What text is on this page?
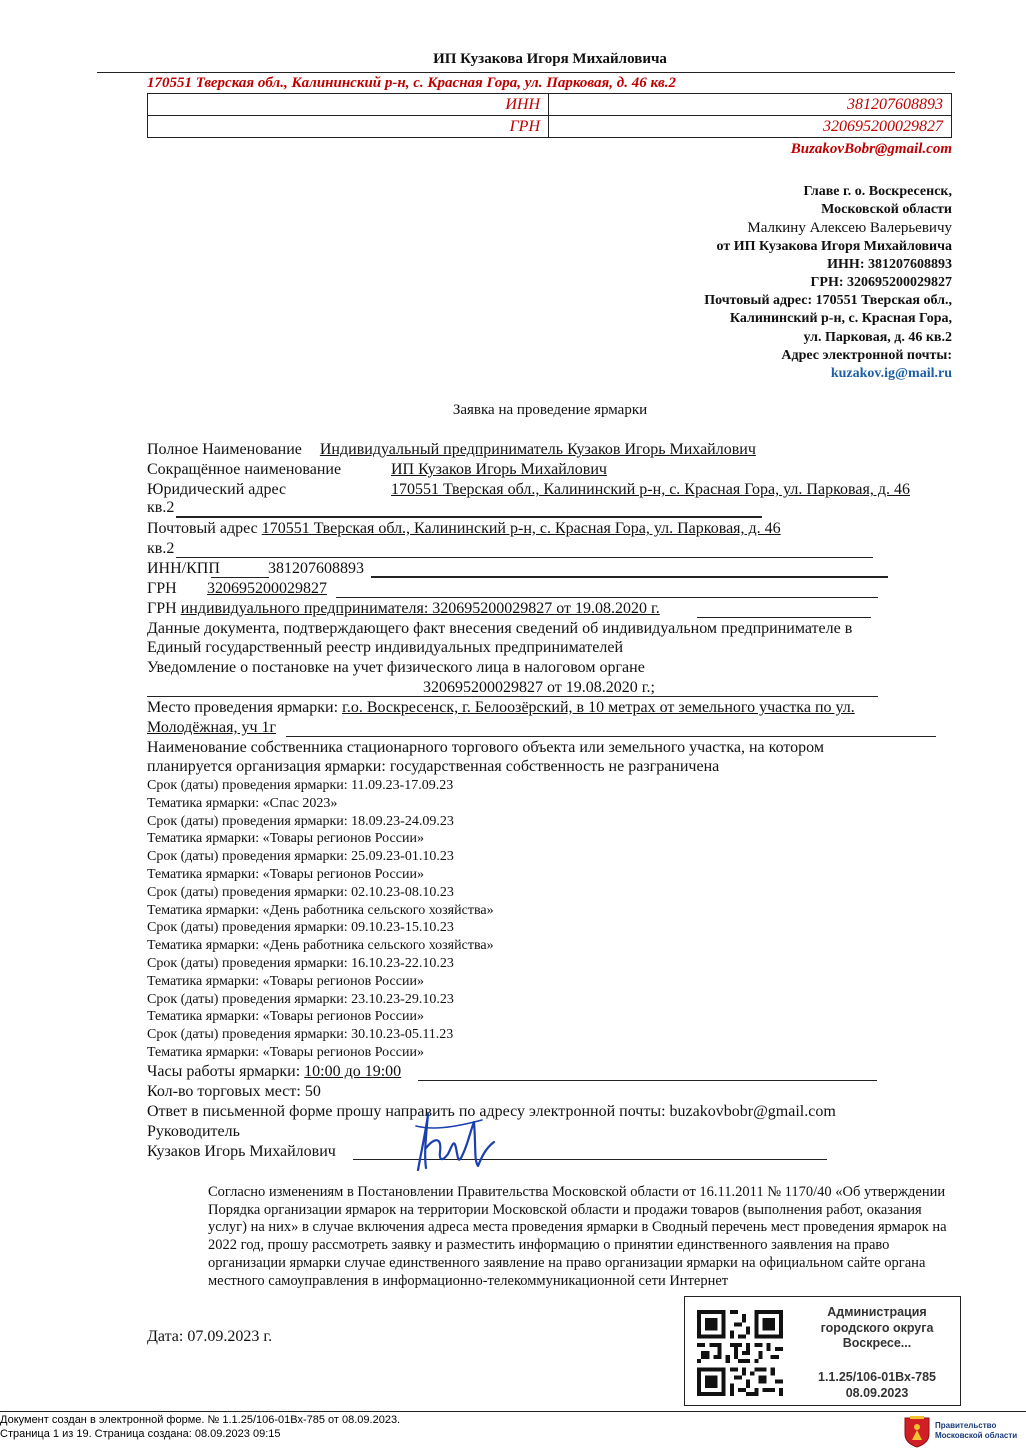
ИП Кузакова Игоря Михайловича
170551 Тверская обл., Калининский р-н, с. Красная Гора, ул. Парковая, д. 46 кв.2
ИНН	381207608893
ГРН	320695200029827
BuzakovBobr@gmail.com
Главе г. о. Воскресенск,
Московской области
Малкину Алексею Валерьевичу
от ИП Кузакова Игоря Михайловича
ИНН: 381207608893
ГРН: 320695200029827
Почтовый адрес: 170551 Тверская обл.,
Калининский р-н, с. Красная Гора,
ул. Парковая, д. 46 кв.2
Адрес электронной почты:
kuzakov.ig@mail.ru
Заявка на проведение ярмарки
Полное Наименование Индивидуальный предприниматель Кузаков Игорь Михайлович
Сокращённое наименование	ИП Кузаков Игорь Михайлович
Юридический адрес	170551 Тверская обл., Калининский р-н, с. Красная Гора, ул. Парковая, д. 46
кв.2
Почтовый адрес 170551 Тверская обл., Калининский р-н, с. Красная Гора, ул. Парковая, д. 46
кв.2
ИНН/КПП	381207608893
ГРН 320695200029827
ГРН индивидуального предпринимателя: 320695200029827 от 19.08.2020 г.
Данные документа, подтверждающего факт внесения сведений об индивидуальном предпринимателе в
Единый государственный реестр индивидуальных предпринимателей
Уведомление о постановке на учет физического лица в налоговом органе
320695200029827 от 19.08.2020 г.;
Место проведения ярмарки: г.о. Воскресенск, г. Белоозёрский, в 10 метрах от земельного участка по ул.
Молодёжная, уч 1г
Наименование собственника стационарного торгового объекта или земельного участка, на котором
планируется организация ярмарки: государственная собственность не разграничена
Срок (даты) проведения ярмарки: 11.09.23-17.09.23
Тематика ярмарки: «Спас 2023»
Срок (даты) проведения ярмарки: 18.09.23-24.09.23
Тематика ярмарки: «Товары регионов России»
Срок (даты) проведения ярмарки: 25.09.23-01.10.23
Тематика ярмарки: «Товары регионов России»
Срок (даты) проведения ярмарки: 02.10.23-08.10.23
Тематика ярмарки: «День работника сельского хозяйства»
Срок (даты) проведения ярмарки: 09.10.23-15.10.23
Тематика ярмарки: «День работника сельского хозяйства»
Срок (даты) проведения ярмарки: 16.10.23-22.10.23
Тематика ярмарки: «Товары регионов России»
Срок (даты) проведения ярмарки: 23.10.23-29.10.23
Тематика ярмарки: «Товары регионов России»
Срок (даты) проведения ярмарки: 30.10.23-05.11.23
Тематика ярмарки: «Товары регионов России»
Часы работы ярмарки: 10:00 до 19:00
Кол-во торговых мест: 50
Ответ в письменной форме прошу направить по адресу электронной почты: buzakovbobr@gmail.com
Руководитель
Кузаков Игорь Михайлович
Согласно изменениям в Постановлении Правительства Московской области от 16.11.2011 № 1170/40 «Об утверждении Порядка организации ярмарок на территории Московской области и продажи товаров (выполнения работ, оказания услуг) на них» в случае включения адреса места проведения ярмарки в Сводный перечень мест проведения ярмарок на 2022 год, прошу рассмотреть заявку и разместить информацию о принятии единственного заявления на право организации ярмарки случае единственного заявление на право организации ярмарки на официальном сайте органа местного самоуправления в информационно-телекоммуникационной сети Интернет
Дата: 07.09.2023 г.
Администрация
городского округа
Воскресе...
1.1.25/106-01Вх-785
08.09.2023
Документ создан в электронной форме. № 1.1.25/106-01Вх-785 от 08.09.2023.
Страница 1 из 19. Страница создана: 08.09.2023 09:15
Правительство
Московской области
